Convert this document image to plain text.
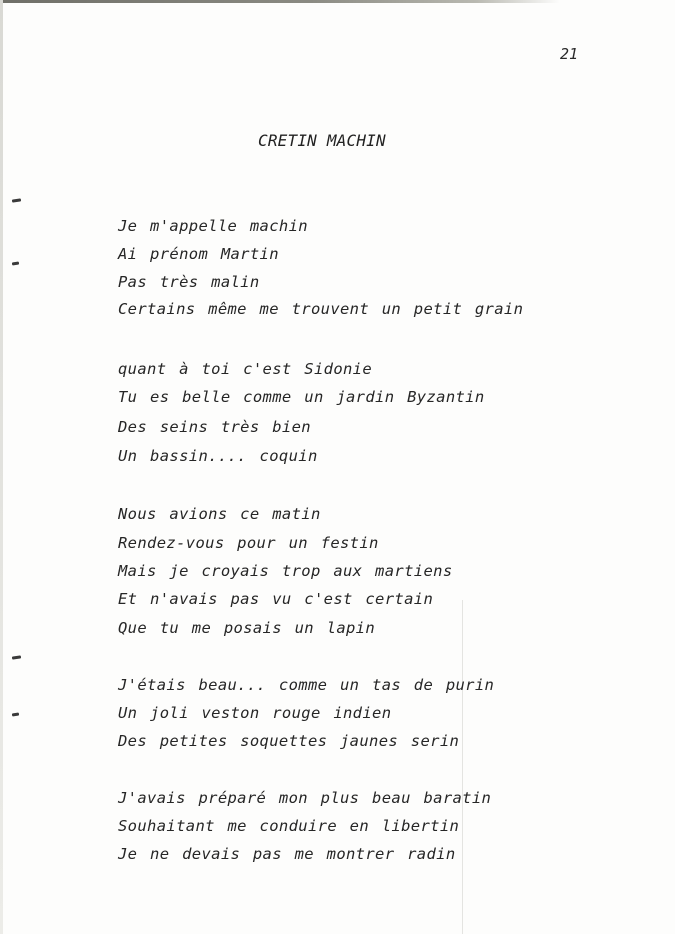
21
CRETIN MACHIN
Je m'appelle machin
Ai prénom Martin
Pas très malin
Certains même me trouvent un petit grain
quant à toi c'est Sidonie
Tu es belle comme un jardin Byzantin
Des seins très bien
Un bassin.... coquin
Nous avions ce matin
Rendez-vous pour un festin
Mais je croyais trop aux martiens
Et n'avais pas vu c'est certain
Que tu me posais un lapin
J'étais beau... comme un tas de purin
Un joli veston rouge indien
Des petites soquettes jaunes serin
J'avais préparé mon plus beau baratin
Souhaitant me conduire en libertin
Je ne devais pas me montrer radin
